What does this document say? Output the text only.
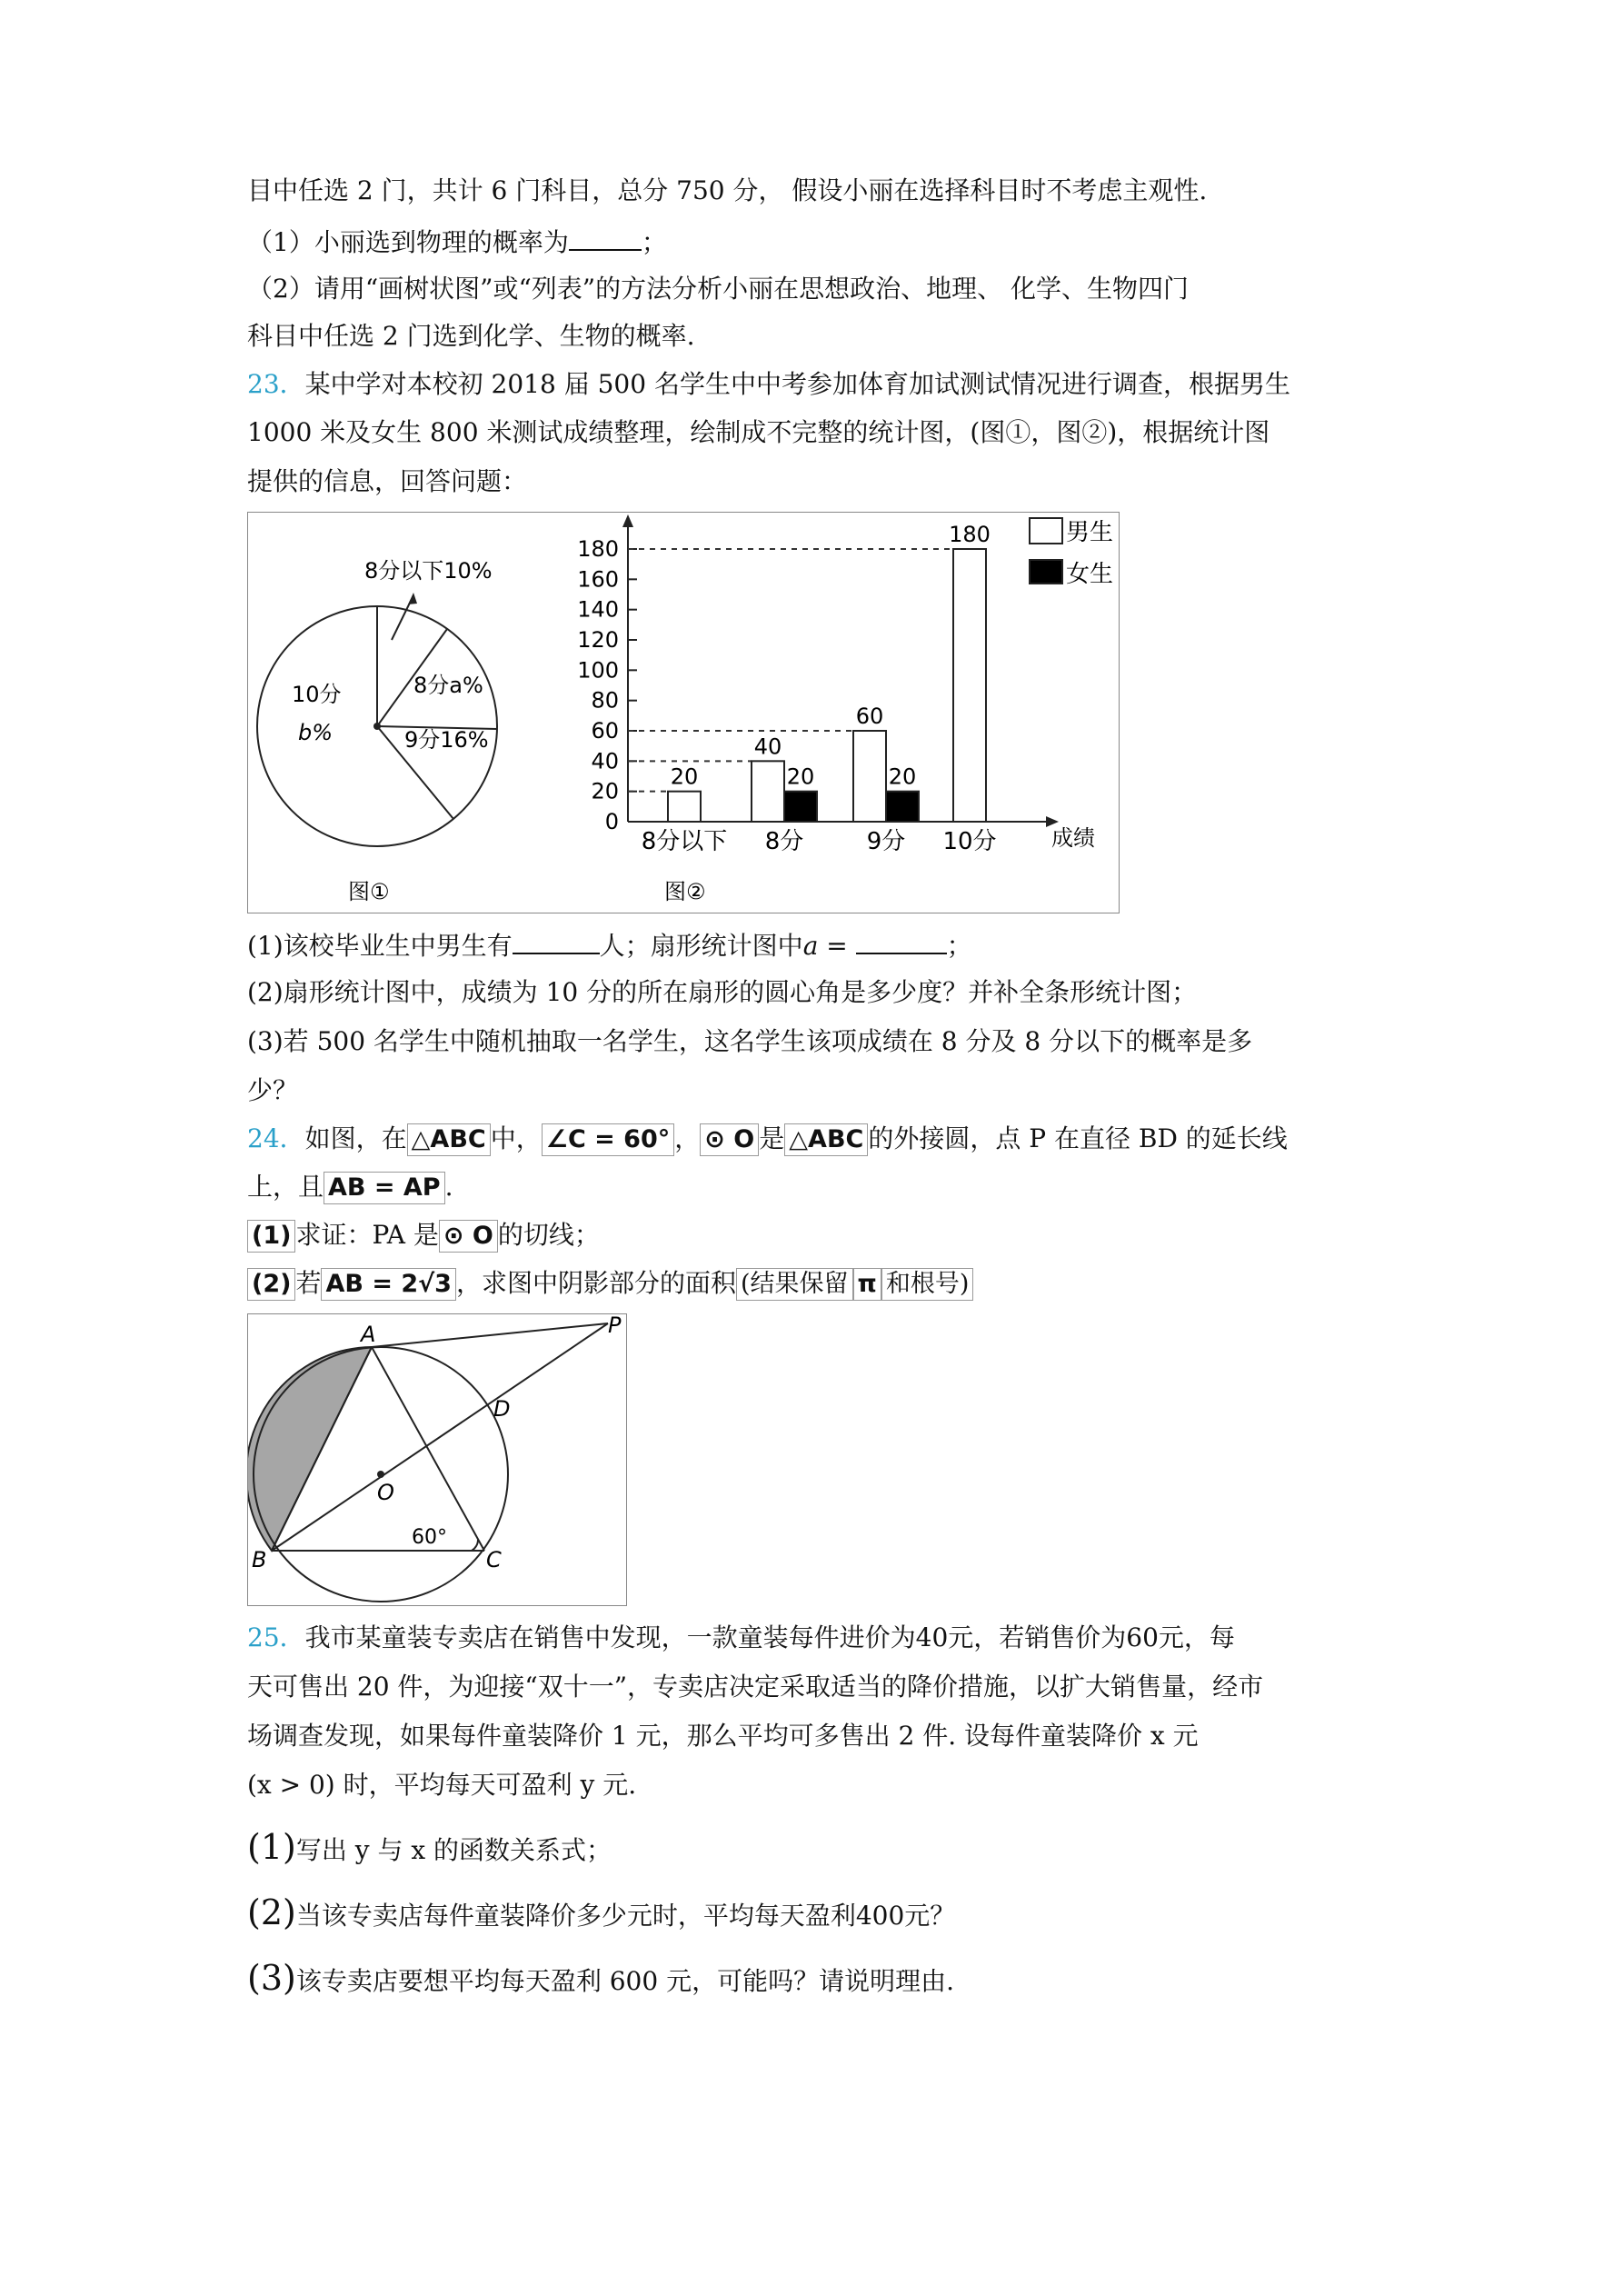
目中任选 2 门，共计 6 门科目，总分 750 分， 假设小丽在选择科目时不考虑主观性.
（1）小丽选到物理的概率为	；
（2）请用“画树状图”或“列表”的方法分析小丽在思想政治、地理、 化学、生物四门
科目中任选 2 门选到化学、生物的概率.
23．某中学对本校初 2018 届 500 名学生中中考参加体育加试测试情况进行调查，根据男生
1000 米及女生 800 米测试成绩整理，绘制成不完整的统计图，(图①，图②)，根据统计图
提供的信息，回答问题：
8分以下10%
8分a%
9分16%
10分
b%
图①
0
20
40
60
80
100
120
140
160
180
20
40
20
60
20
180
8分以下 8分	9分 10分	成绩
图②
男生
女生
(1)该校毕业生中男生有	人；扇形统计图中a =	；
(2)扇形统计图中，成绩为 10 分的所在扇形的圆心角是多少度？并补全条形统计图；
(3)若 500 名学生中随机抽取一名学生，这名学生该项成绩在 8 分及 8 分以下的概率是多
少？
24．如图，在 △ABC 中， ∠C = 60° ， ⊙ O 是 △ABC 的外接圆，点 P 在直径 BD 的延长线
上，且 AB = AP .
(1) 求证：PA 是 ⊙ O 的切线；
(2) 若 AB = 2√3 ，求图中阴影部分的面积 (结果保留 π 和根号)
A
B	C
D
O
P
60°
25．我市某童装专卖店在销售中发现，一款童装每件进价为40元，若销售价为60元，每
天可售出 20 件，为迎接“双十一”，专卖店决定采取适当的降价措施，以扩大销售量，经市
场调查发现，如果每件童装降价 1 元，那么平均可多售出 2 件. 设每件童装降价 x 元
(x > 0) 时，平均每天可盈利 y 元.
(1)写出 y 与 x 的函数关系式；
(2)当该专卖店每件童装降价多少元时，平均每天盈利400元？
(3)该专卖店要想平均每天盈利 600 元，可能吗？请说明理由.
